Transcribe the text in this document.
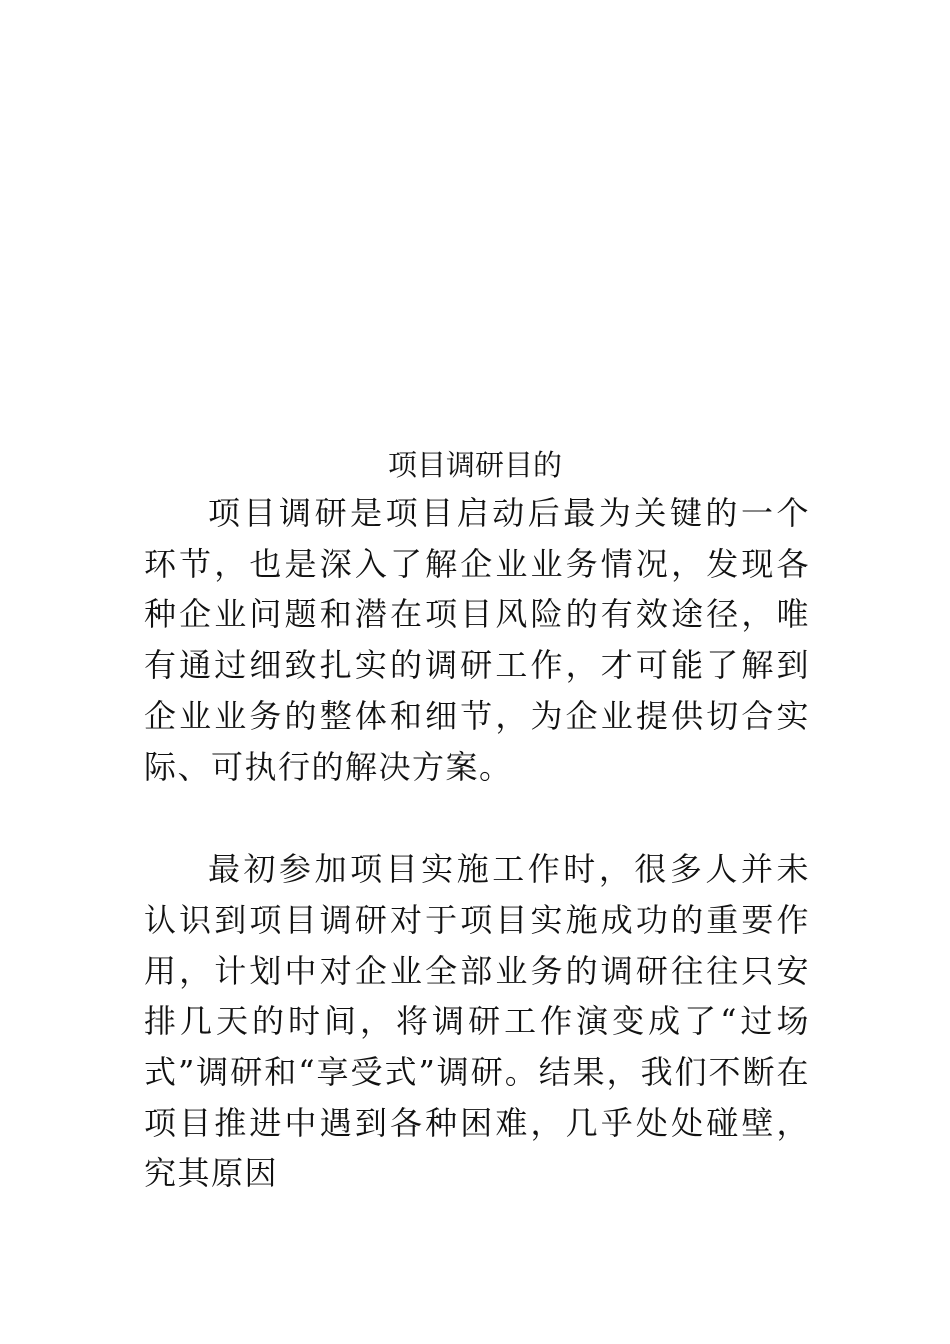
项目调研目的

项目调研是项目启动后最为关键的一个环节，也是深入了解企业业务情况，发现各种企业问题和潜在项目风险的有效途径，唯有通过细致扎实的调研工作，才可能了解到企业业务的整体和细节，为企业提供切合实际、可执行的解决方案。

最初参加项目实施工作时，很多人并未认识到项目调研对于项目实施成功的重要作用，计划中对企业全部业务的调研往往只安排几天的时间，将调研工作演变成了“过场式”调研和“享受式”调研。结果，我们不断在项目推进中遇到各种困难，几乎处处碰壁，究其原因
